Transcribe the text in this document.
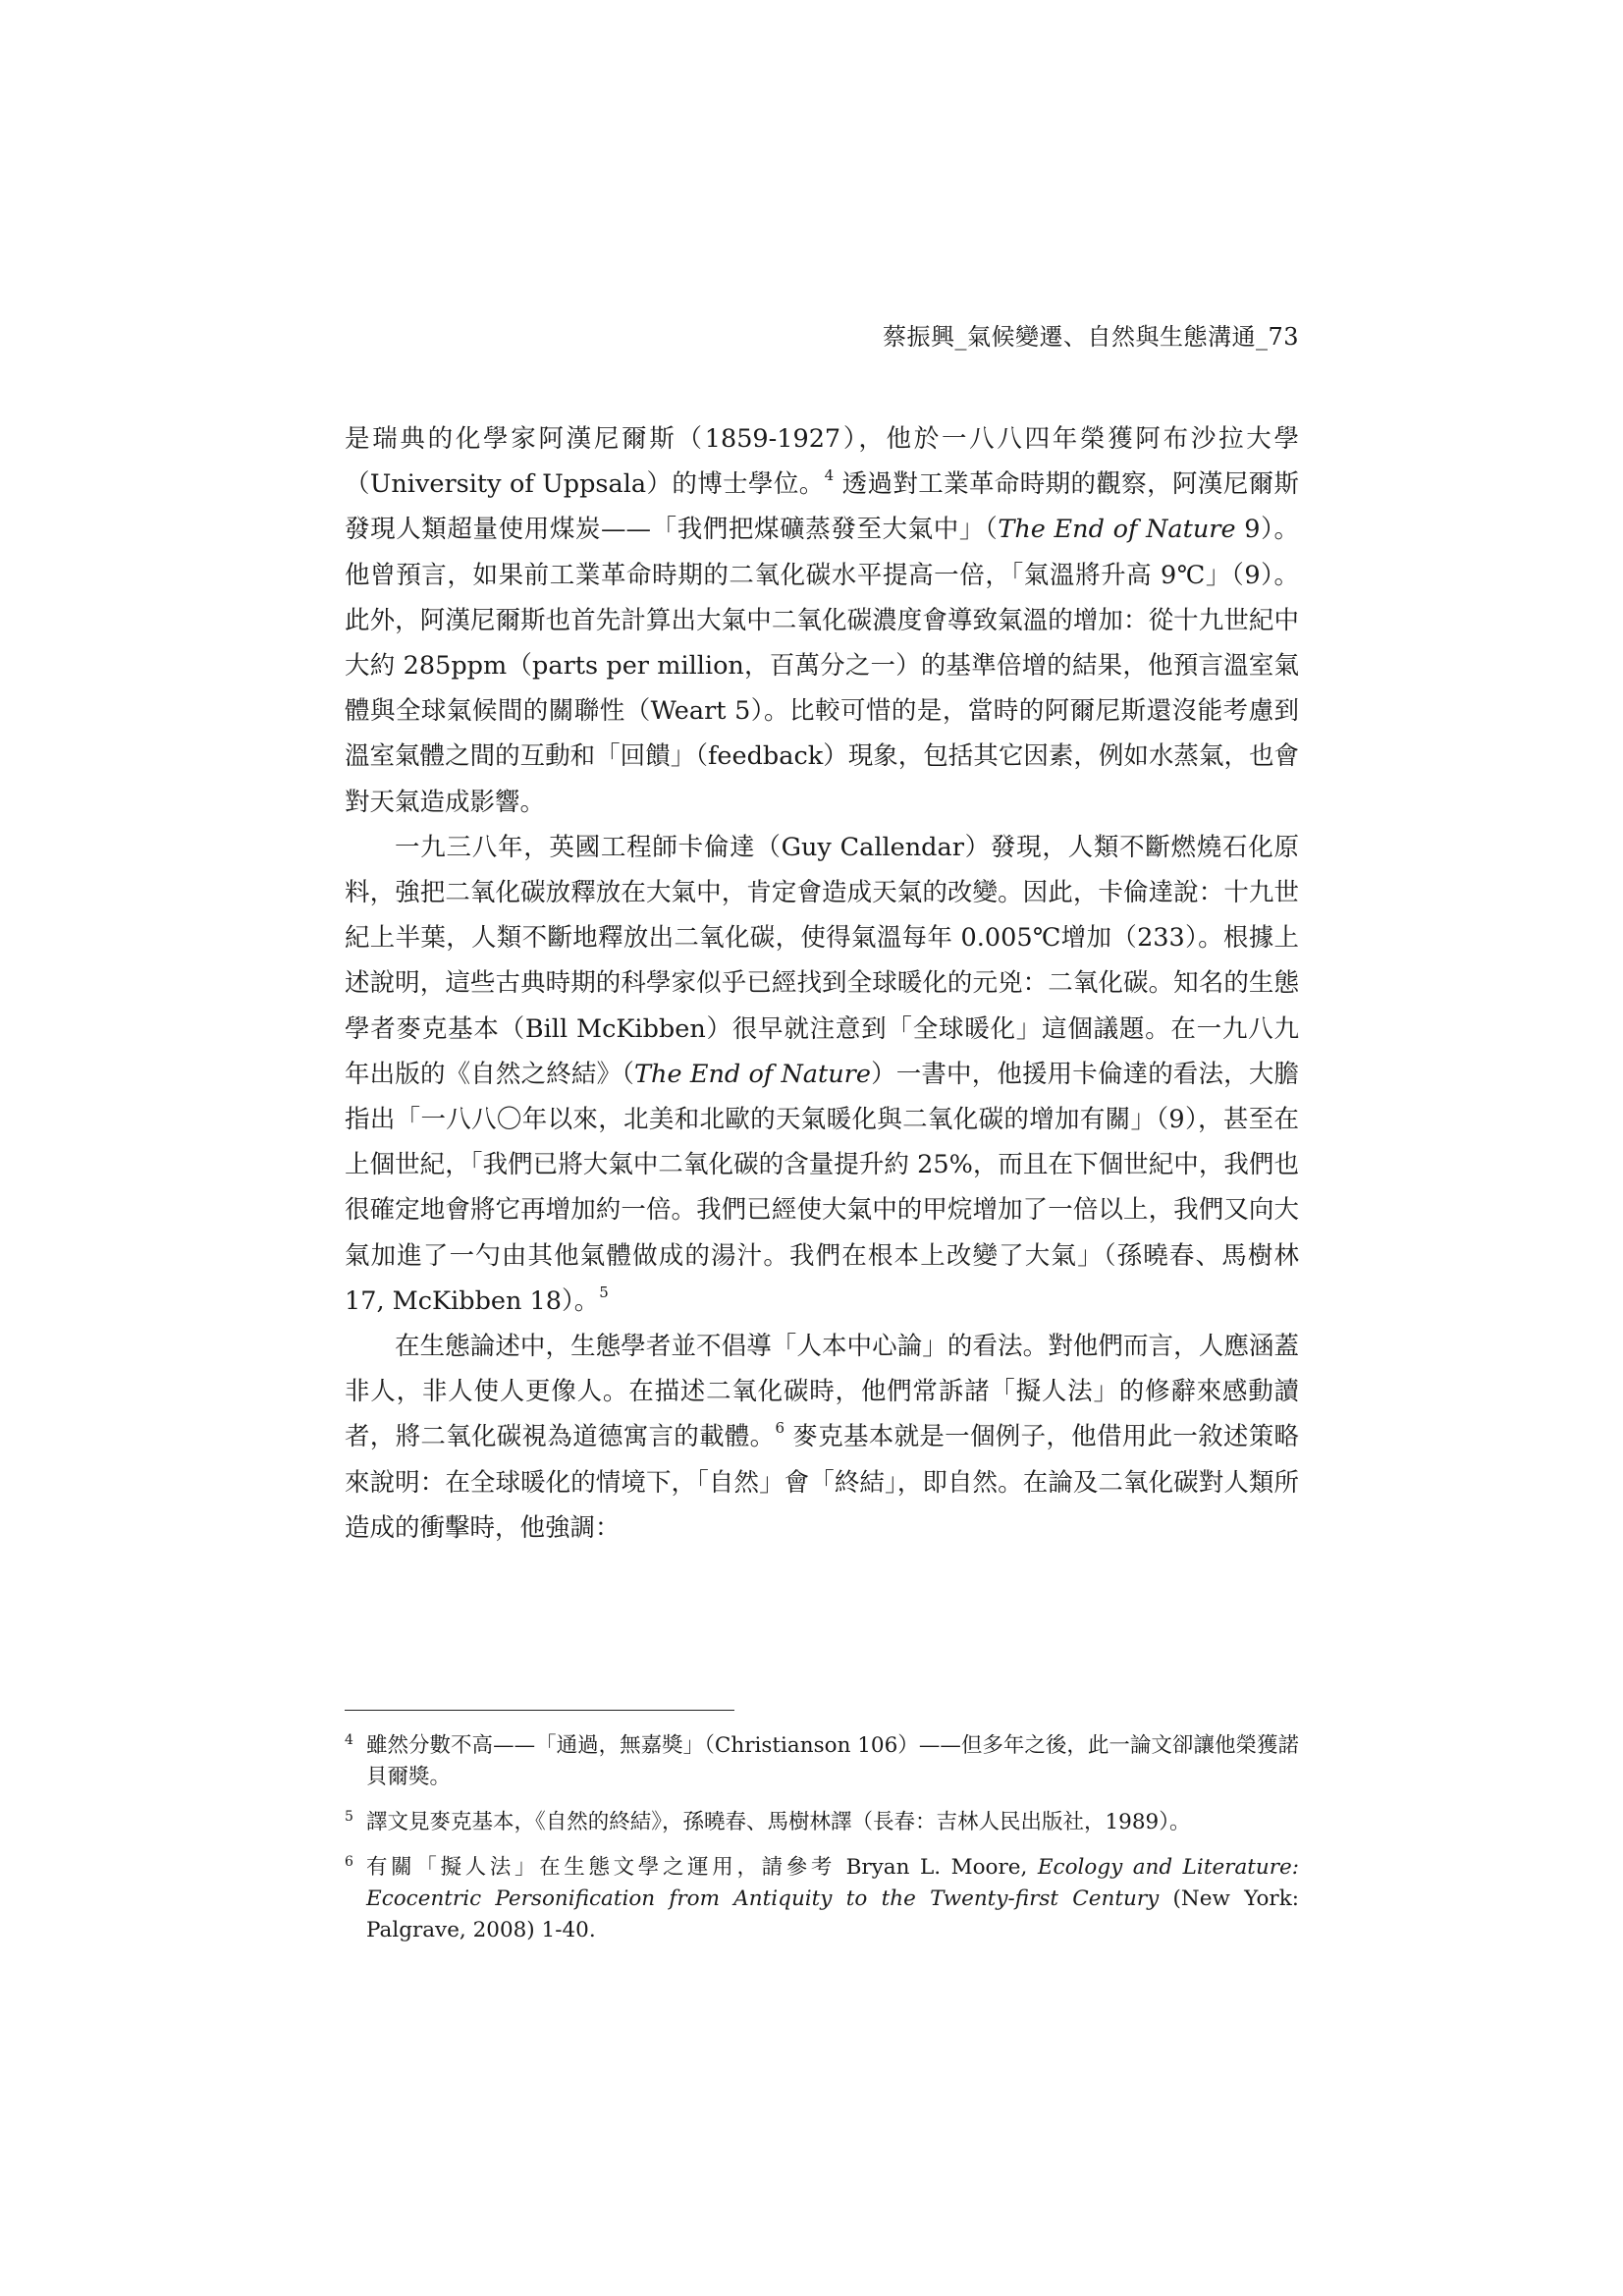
蔡振興_氣候變遷、自然與生態溝通_73

是瑞典的化學家阿漢尼爾斯（1859-1927），他於一八八四年榮獲阿布沙拉大學（University of Uppsala）的博士學位。$^4$ 透過對工業革命時期的觀察，阿漢尼爾斯發現人類超量使用煤炭——「我們把煤礦蒸發至大氣中」（The End of Nature 9）。他曾預言，如果前工業革命時期的二氧化碳水平提高一倍，「氣溫將升高 9℃」（9）。此外，阿漢尼爾斯也首先計算出大氣中二氧化碳濃度會導致氣溫的增加：從十九世紀中大約 285ppm（parts per million，百萬分之一）的基準倍增的結果，他預言溫室氣體與全球氣候間的關聯性（Weart 5）。比較可惜的是，當時的阿爾尼斯還沒能考慮到溫室氣體之間的互動和「回饋」（feedback）現象，包括其它因素，例如水蒸氣，也會對天氣造成影響。

一九三八年，英國工程師卡倫達（Guy Callendar）發現，人類不斷燃燒石化原料，強把二氧化碳放釋放在大氣中，肯定會造成天氣的改變。因此，卡倫達說：十九世紀上半葉，人類不斷地釋放出二氧化碳，使得氣溫每年 0.005℃增加（233）。根據上述說明，這些古典時期的科學家似乎已經找到全球暖化的元兇：二氧化碳。知名的生態學者麥克基本（Bill McKibben）很早就注意到「全球暖化」這個議題。在一九八九年出版的《自然之終結》（The End of Nature）一書中，他援用卡倫達的看法，大膽指出「一八八〇年以來，北美和北歐的天氣暖化與二氧化碳的增加有關」（9），甚至在上個世紀，「我們已將大氣中二氧化碳的含量提升約 25%，而且在下個世紀中，我們也很確定地會將它再增加約一倍。我們已經使大氣中的甲烷增加了一倍以上，我們又向大氣加進了一勺由其他氣體做成的湯汁。我們在根本上改變了大氣」（孫曉春、馬樹林 17, McKibben 18）。$^5$

在生態論述中，生態學者並不倡導「人本中心論」的看法。對他們而言，人應涵蓋非人，非人使人更像人。在描述二氧化碳時，他們常訴諸「擬人法」的修辭來感動讀者，將二氧化碳視為道德寓言的載體。$^6$ 麥克基本就是一個例子，他借用此一敘述策略來說明：在全球暖化的情境下，「自然」會「終結」，即自然。在論及二氧化碳對人類所造成的衝擊時，他強調：

4 雖然分數不高——「通過，無嘉獎」（Christianson 106）——但多年之後，此一論文卻讓他榮獲諾貝爾獎。
5 譯文見麥克基本，《自然的終結》，孫曉春、馬樹林譯（長春：吉林人民出版社，1989）。
6 有關「擬人法」在生態文學之運用，請參考 Bryan L. Moore, Ecology and Literature: Ecocentric Personification from Antiquity to the Twenty-first Century (New York: Palgrave, 2008) 1-40.
